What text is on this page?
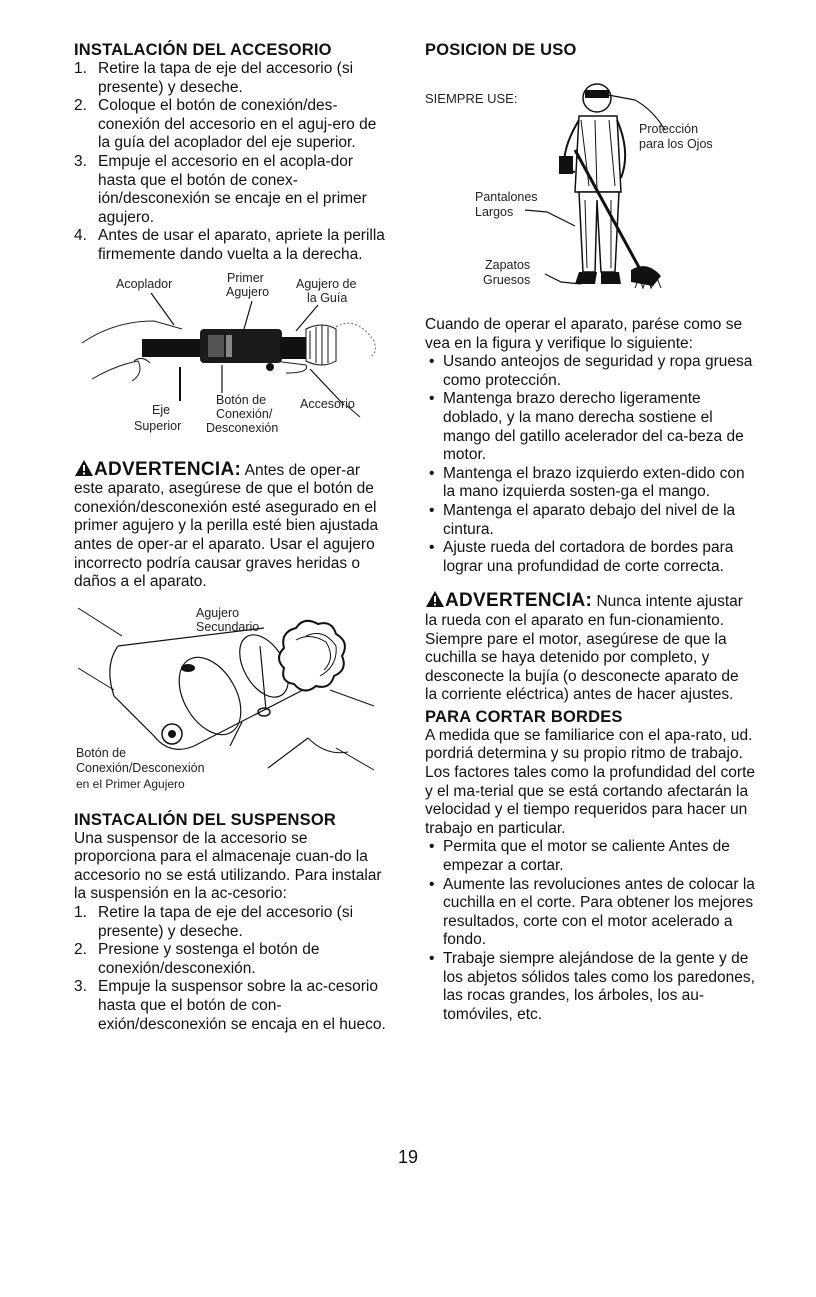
INSTALACIÓN DEL ACCESORIO
1. Retire la tapa de eje del accesorio (si presente) y deseche.
2. Coloque el botón de conexión/des-conexión del accesorio en el aguj-ero de la guía del acoplador del eje superior.
3. Empuje el accesorio en el acopla-dor hasta que el botón de conex-ión/desconexión se encaje en el primer agujero.
4. Antes de usar el aparato, apriete la perilla firmemente dando vuelta a la derecha.
Acoplador	Primer
Agujero
Agujero de
la Guía
Eje
Superior
Botón de
Conexión/
Desconexión
Accesorio

ADVERTENCIA: Antes de oper-ar este aparato, asegúrese de que el botón de conexión/desconexión esté asegurado en el primer agujero y la perilla esté bien ajustada antes de oper-ar el aparato. Usar el agujero incorrecto podría causar graves heridas o daños a el aparato.

Agujero
Secundario
Botón de
Conexión/Desconexión
en el Primer Agujero
INSTACALIÓN DEL SUSPENSOR

Una suspensor de la accesorio se proporciona para el almacenaje cuan-do la accesorio no se está utilizando. Para instalar la suspensión en la ac-cesorio:

1. Retire la tapa de eje del accesorio (si presente) y deseche.
2. Presione y sostenga el botón de conexión/desconexión.
3. Empuje la suspensor sobre la ac-cesorio hasta que el botón de con-exión/desconexión se encaja en el hueco.
POSICION DE USO
SIEMPRE USE:
Protección
para los Ojos
Pantalones
Largos
Zapatos
Gruesos

Cuando de operar el aparato, parése como se vea en la figura y verifique lo siguiente:

• Usando anteojos de seguridad y ropa gruesa como protección.
• Mantenga brazo derecho ligeramente doblado, y la mano derecha sostiene el mango del gatillo acelerador del ca-beza de motor.
• Mantenga el brazo izquierdo exten-dido con la mano izquierda sosten-ga el mango.
• Mantenga el aparato debajo del nivel de la cintura.
• Ajuste rueda del cortadora de bordes para lograr una profundidad de corte correcta.

ADVERTENCIA: Nunca intente ajustar la rueda con el aparato en fun-cionamiento. Siempre pare el motor, asegúrese de que la cuchilla se haya detenido por completo, y desconecte la bujía (o desconecte aparato de la corriente eléctrica) antes de hacer ajustes.

PARA CORTAR BORDES

A medida que se familiarice con el apa-rato, ud. pordriá determina y su propio ritmo de trabajo. Los factores tales como la profundidad del corte y el ma-terial que se está cortando afectarán la velocidad y el tiempo requeridos para hacer un trabajo en particular.

• Permita que el motor se caliente Antes de empezar a cortar.
• Aumente las revoluciones antes de colocar la cuchilla en el corte. Para obtener los mejores resultados, corte con el motor acelerado a fondo.
• Trabaje siempre alejándose de la gente y de los abjetos sólidos tales como los paredones, las rocas grandes, los árboles, los au-tomóviles, etc.
19
